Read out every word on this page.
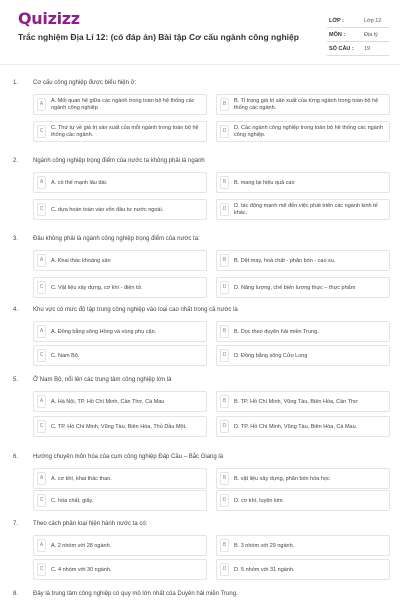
Quizizz
Trắc nghiệm Địa Lí 12: (có đáp án) Bài tập Cơ cấu ngành công nghiệp
LỚP :	Lớp 12
MÔN :	Địa lý
SỐ CÂU : 19
1. Cơ cấu công nghiệp được biểu hiện ở:
A	A. Mối quan hệ giữa các ngành trong toàn bộ hệ thống các ngành công nghiệp
B	B. Tỉ trọng giá trị sản xuất của từng ngành trong toàn bộ hệ thống các ngành.
C	C. Thứ tự về giá trị sản xuất của mỗi ngành trong toàn bộ hệ thống các ngành.
D	D. Các ngành công nghiệp trong toàn bộ hệ thống các ngành công nghiệp.
2. Ngành công nghiệp trọng điểm của nước ta không phải là ngành
A	A. có thế mạnh lâu dài.	B	B. mang lại hiệu quả cao
C	C. dựa hoàn toàn vào vốn đầu tư nước ngoài.	D	D. tác động mạnh mẽ đến việc phát triển các ngành kinh tế khác.
3. Đâu không phải là ngành công nghiệp trọng điểm của nước ta:
A	A. Khai thác khoáng sản	B	B. Dệt may, hoá chất - phân bón - cao su.
C	C. Vật liệu xây dựng, cơ khí - điện tử.	D	D. Năng lượng, chế biến lương thực – thực phẩm
4. Khu vực có mức độ tập trung công nghiệp vào loại cao nhất trong cả nước là
A	A. Đồng bằng sông Hồng và vùng phụ cận.	B	B. Dọc theo duyên hải miền Trung.
C	C. Nam Bộ.	D	D. Đồng bằng sông Cửu Long
5. Ở Nam Bộ, nổi lên các trung tâm công nghiệp lớn là
A	A. Hà Nội, TP. Hồ Chí Minh, Cần Thơ, Cà Mau	B	B. TP. Hồ Chí Minh, Vũng Tàu, Biên Hòa, Cần Thơ
C	C. TP. Hồ Chí Minh, Vũng Tàu, Biên Hòa, Thủ Dầu Một.	D	D. TP. Hồ Chí Minh, Vũng Tàu, Biên Hòa, Cà Mau.
6. Hướng chuyên môn hóa của cụm công nghiệp Đáp Cầu – Bắc Giang là
A	A. cơ khí, khai thác than.	B	B. vật liệu xây dựng, phân bón hóa học
C	C. hóa chất, giấy.	D	D. cơ khí, luyện kim.
7. Theo cách phân loại hiện hành nước ta có:
A	A. 2 nhóm với 28 ngành.	B	B. 3 nhóm với 29 ngành.
C	C. 4 nhóm với 30 ngành.	D	D. 5 nhóm với 31 ngành.
8. Đây là trung tâm công nghiệp có quy mô lớn nhất của Duyên hải miền Trung.
